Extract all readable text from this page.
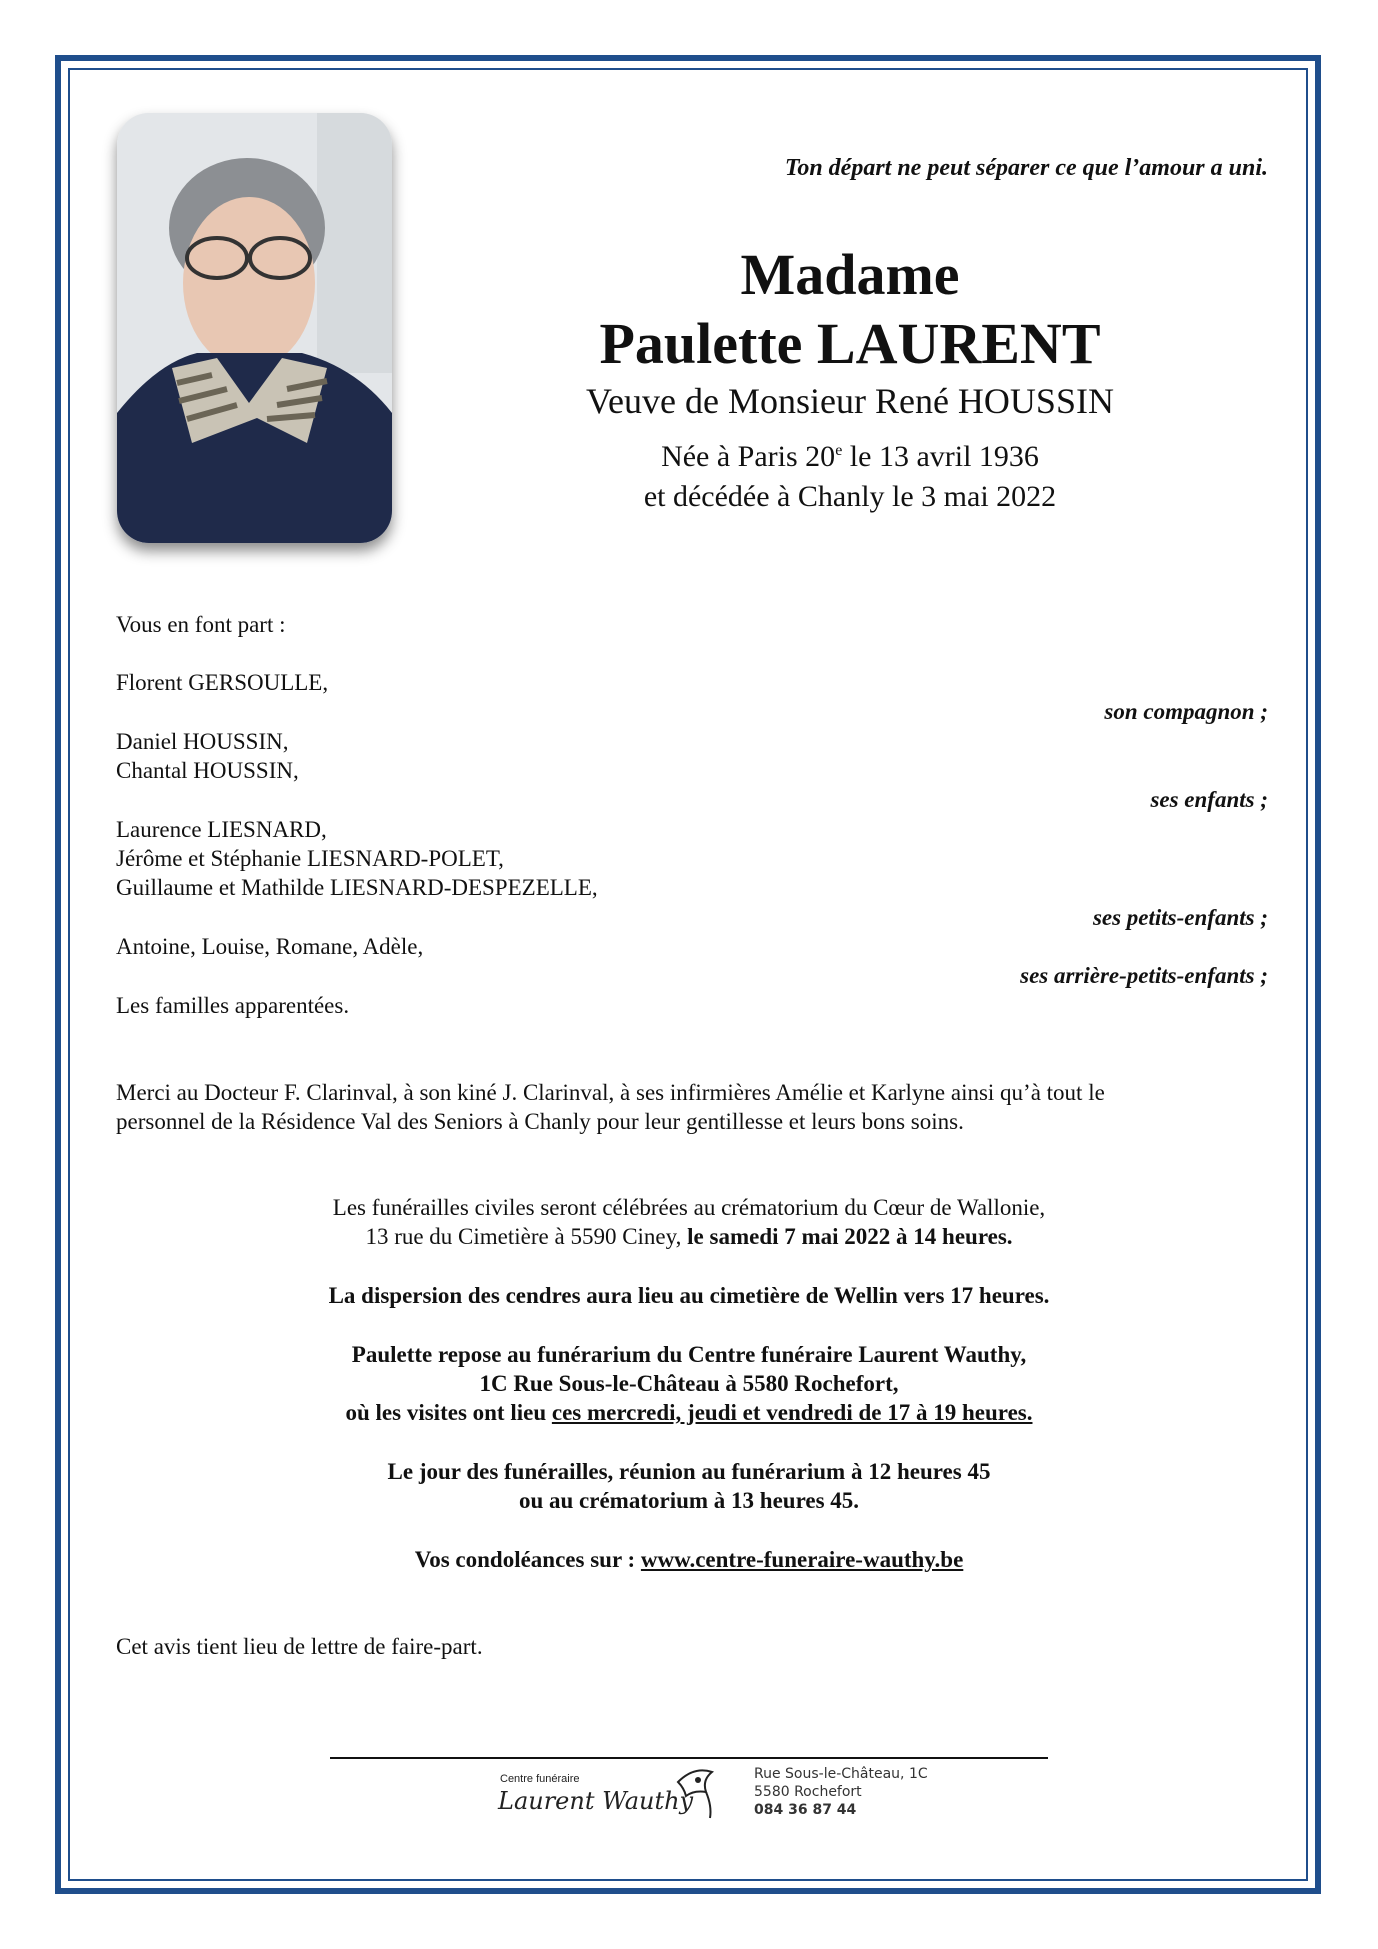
Ton départ ne peut séparer ce que l’amour a uni.
Madame
Paulette LAURENT
Veuve de Monsieur René HOUSSIN
Née à Paris 20e le 13 avril 1936
et décédée à Chanly le 3 mai 2022
Vous en font part :
Florent GERSOULLE,
son compagnon ;
Daniel HOUSSIN,
Chantal HOUSSIN,
ses enfants ;
Laurence LIESNARD,
Jérôme et Stéphanie LIESNARD-POLET,
Guillaume et Mathilde LIESNARD-DESPEZELLE,
ses petits-enfants ;
Antoine, Louise, Romane, Adèle,
ses arrière-petits-enfants ;
Les familles apparentées.
Merci au Docteur F. Clarinval, à son kiné J. Clarinval, à ses infirmières Amélie et Karlyne ainsi qu’à tout le
personnel de la Résidence Val des Seniors à Chanly pour leur gentillesse et leurs bons soins.
Les funérailles civiles seront célébrées au crématorium du Cœur de Wallonie,
13 rue du Cimetière à 5590 Ciney, le samedi 7 mai 2022 à 14 heures.
La dispersion des cendres aura lieu au cimetière de Wellin vers 17 heures.
Paulette repose au funérarium du Centre funéraire Laurent Wauthy,
1C Rue Sous-le-Château à 5580 Rochefort,
où les visites ont lieu ces mercredi, jeudi et vendredi de 17 à 19 heures.
Le jour des funérailles, réunion au funérarium à 12 heures 45
ou au crématorium à 13 heures 45.
Vos condoléances sur : www.centre-funeraire-wauthy.be
Cet avis tient lieu de lettre de faire-part.
Centre funéraire
Laurent Wauthy
Rue Sous-le-Château, 1C
5580 Rochefort
084 36 87 44
